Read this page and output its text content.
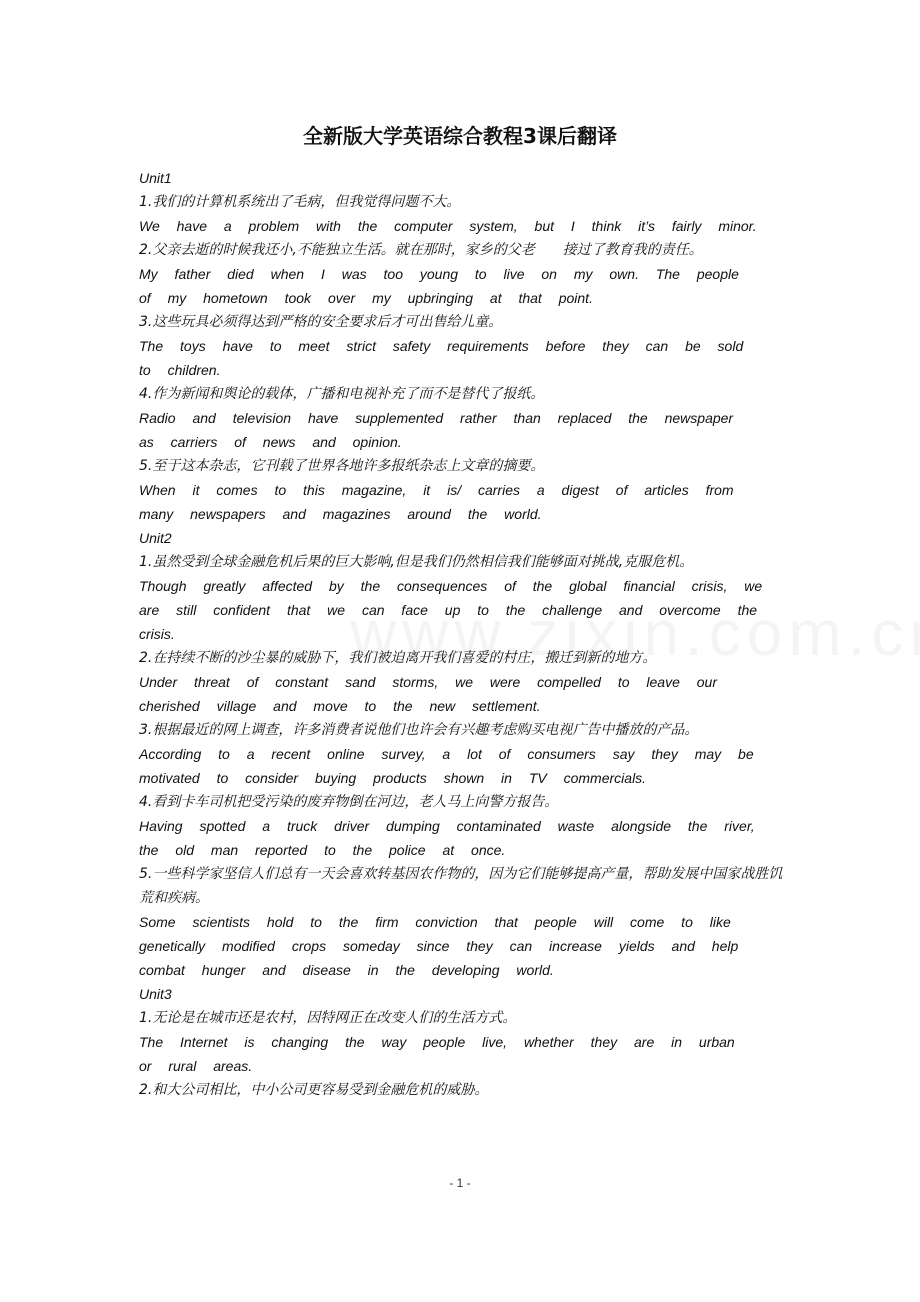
全新版大学英语综合教程3课后翻译

Unit1

1.我们的计算机系统出了毛病，但我觉得问题不大。

We have a problem with the computer system, but I think it’s fairly minor.

2.父亲去逝的时候我还小,不能独立生活。就在那时，家乡的父老　　接过了教育我的责任。

My father died when I was too young to live on my own. The people of my hometown took over my upbringing at that point.

3.这些玩具必须得达到严格的安全要求后才可出售给儿童。

The toys have to meet strict safety requirements before they can be sold to children.

4.作为新闻和舆论的载体，广播和电视补充了而不是替代了报纸。

Radio and television have supplemented rather than replaced the newspaper as carriers of news and opinion.

5.至于这本杂志，它刊载了世界各地许多报纸杂志上文章的摘要。

When it comes to this magazine, it is/ carries a digest of articles from many newspapers and magazines around the world.

Unit2

1.虽然受到全球金融危机后果的巨大影响,但是我们仍然相信我们能够面对挑战,克服危机。

Though greatly affected by the consequences of the global financial crisis, we are still confident that we can face up to the challenge and overcome the crisis.

2.在持续不断的沙尘暴的威胁下，我们被迫离开我们喜爱的村庄，搬迁到新的地方。

Under threat of constant sand storms, we were compelled to leave our cherished village and move to the new settlement.

3.根据最近的网上调查，许多消费者说他们也许会有兴趣考虑购买电视广告中播放的产品。

According to a recent online survey, a lot of consumers say they may be motivated to consider buying products shown in TV commercials.

4.看到卡车司机把受污染的废弃物倒在河边，老人马上向警方报告。

Having spotted a truck driver dumping contaminated waste alongside the river, the old man reported to the police at once.

5.一些科学家坚信人们总有一天会喜欢转基因农作物的，因为它们能够提高产量，帮助发展中国家战胜饥荒和疾病。

Some scientists hold to the firm conviction that people will come to like genetically modified crops someday since they can increase yields and help combat hunger and disease in the developing world.

Unit3

1.无论是在城市还是农村，因特网正在改变人们的生活方式。

The Internet is changing the way people live, whether they are in urban or rural areas.

2.和大公司相比，中小公司更容易受到金融危机的威胁。

- 1 -
